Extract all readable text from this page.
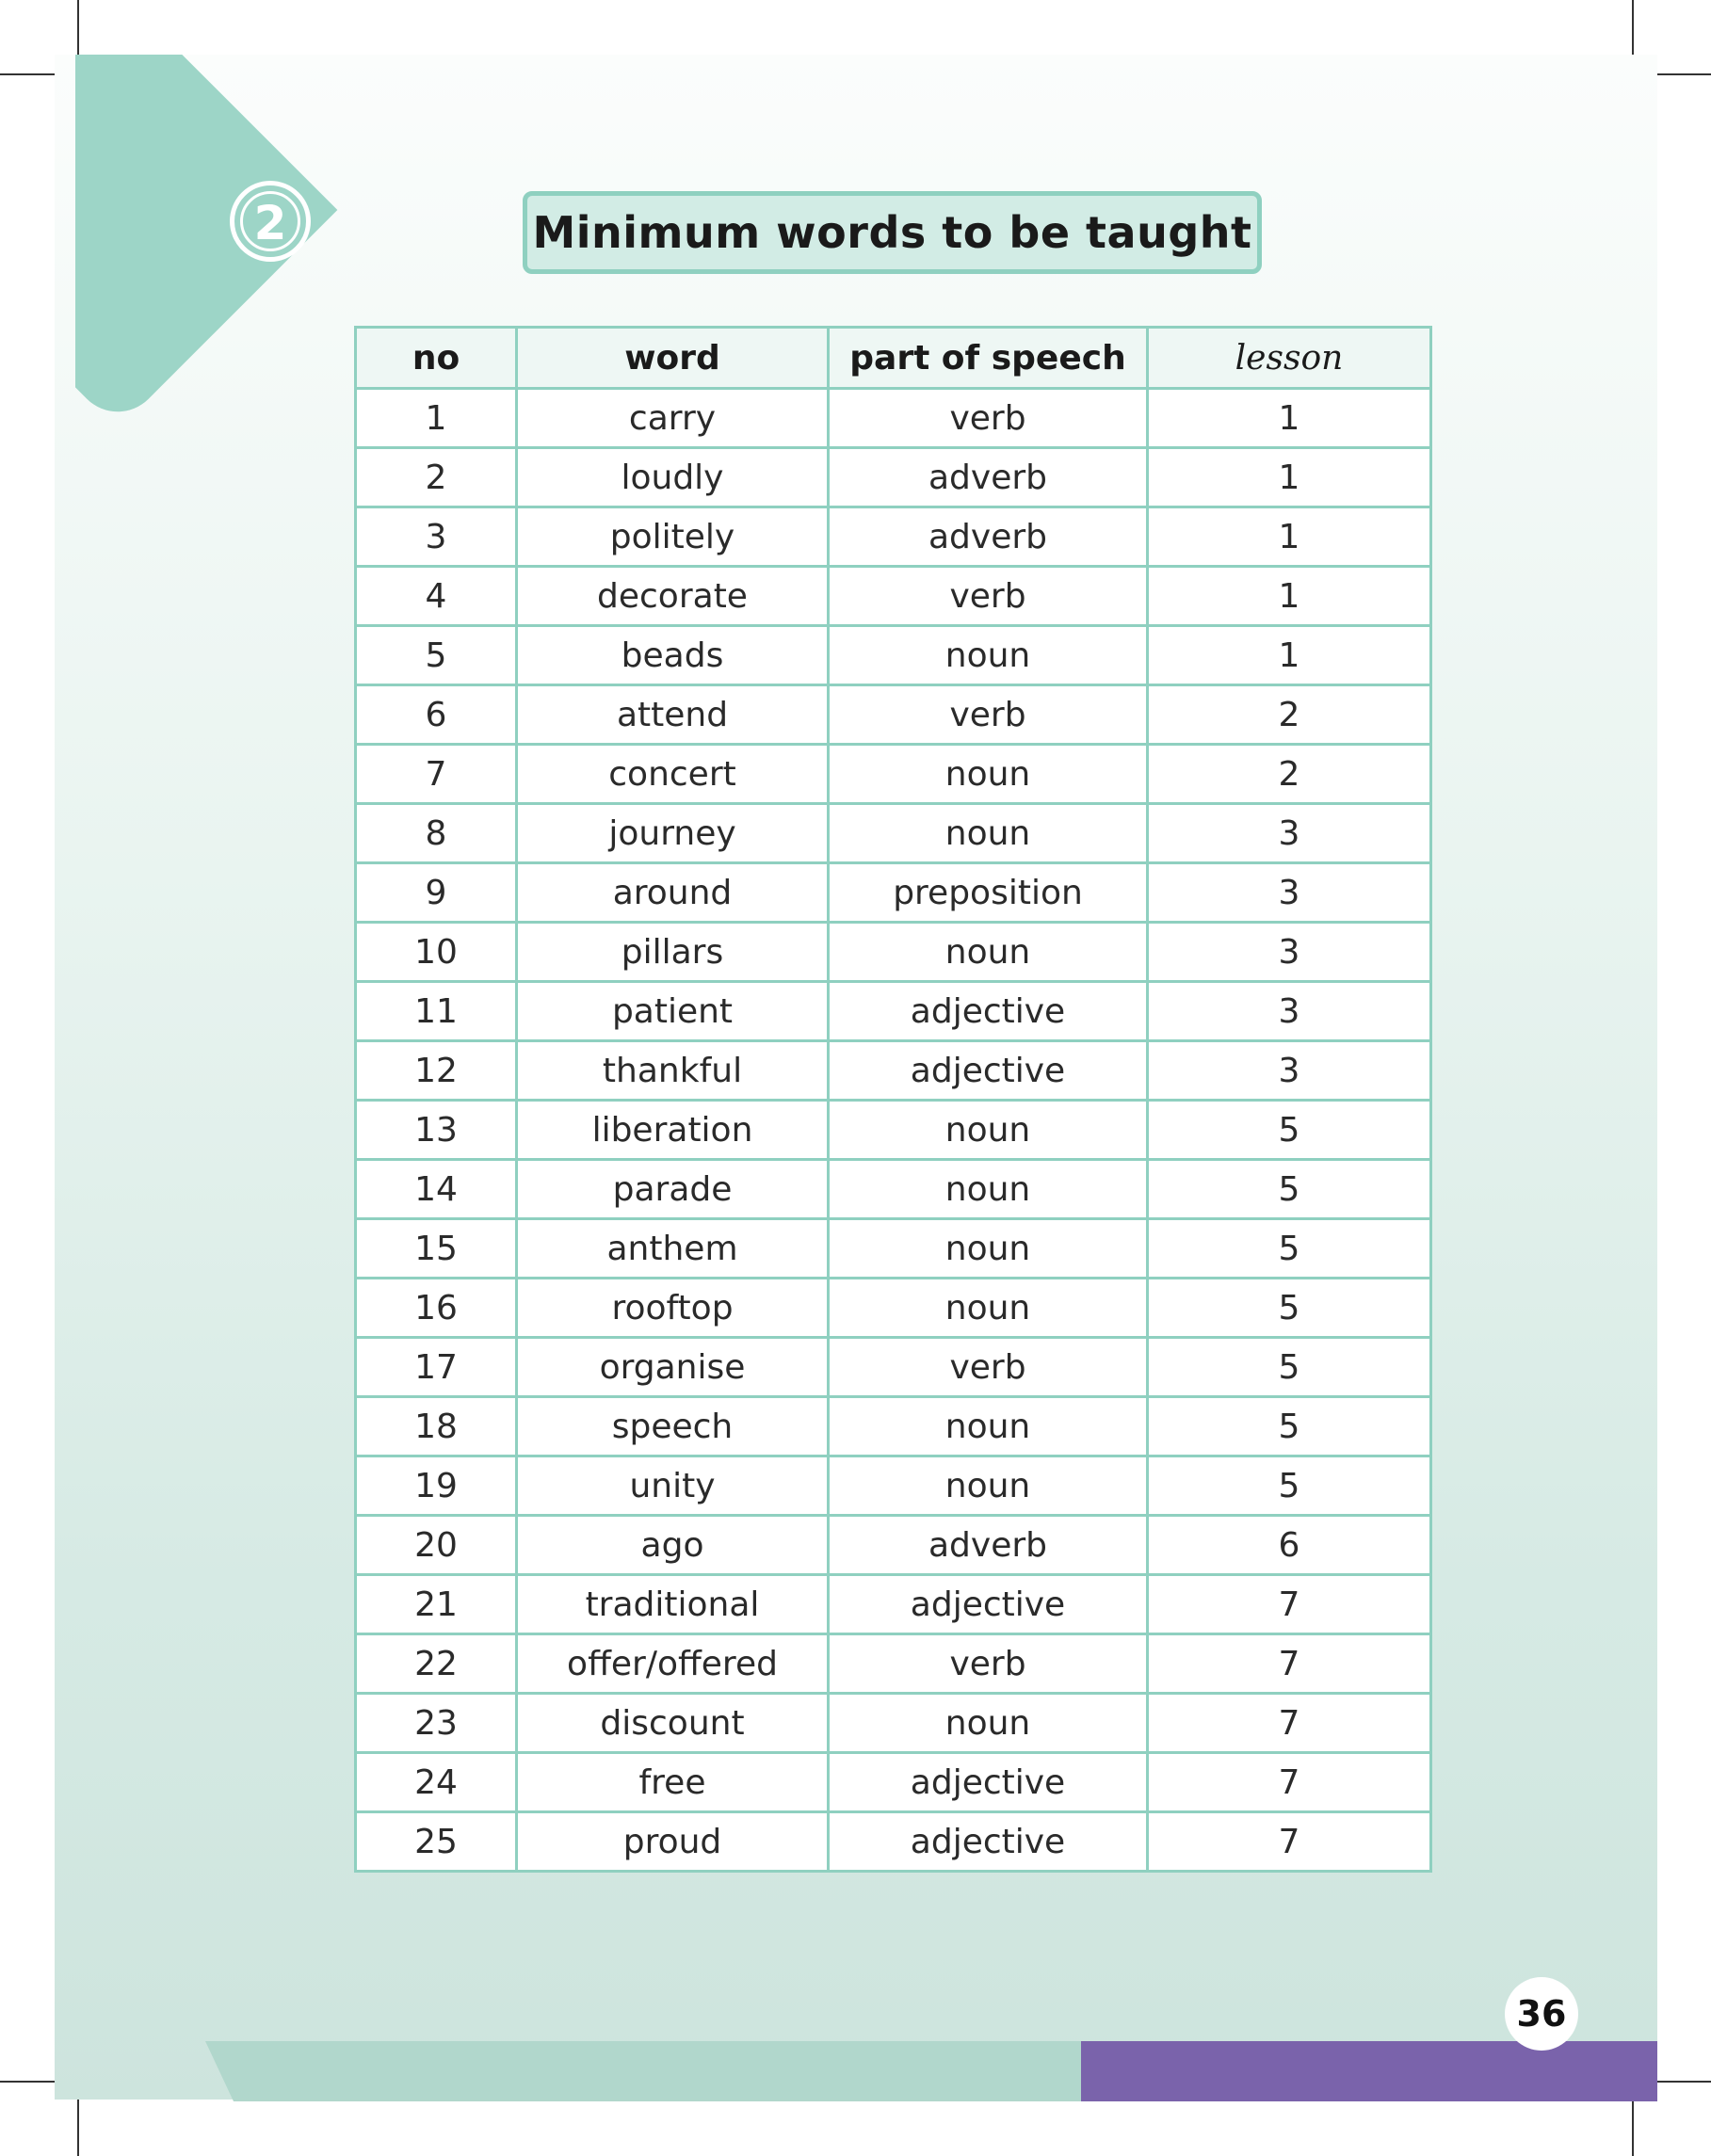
2	Minimum words to be taught
no	word	part of speech	lesson
1	carry	verb	1
2	loudly	adverb	1
3	politely	adverb	1
4	decorate	verb	1
5	beads	noun	1
6	attend	verb	2
7	concert	noun	2
8	journey	noun	3
9	around	preposition	3
10	pillars	noun	3
11	patient	adjective	3
12	thankful	adjective	3
13	liberation	noun	5
14	parade	noun	5
15	anthem	noun	5
16	rooftop	noun	5
17	organise	verb	5
18	speech	noun	5
19	unity	noun	5
20	ago	adverb	6
21	traditional	adjective	7
22	offer/offered	verb	7
23	discount	noun	7
24	free	adjective	7
25	proud	adjective	7
36
